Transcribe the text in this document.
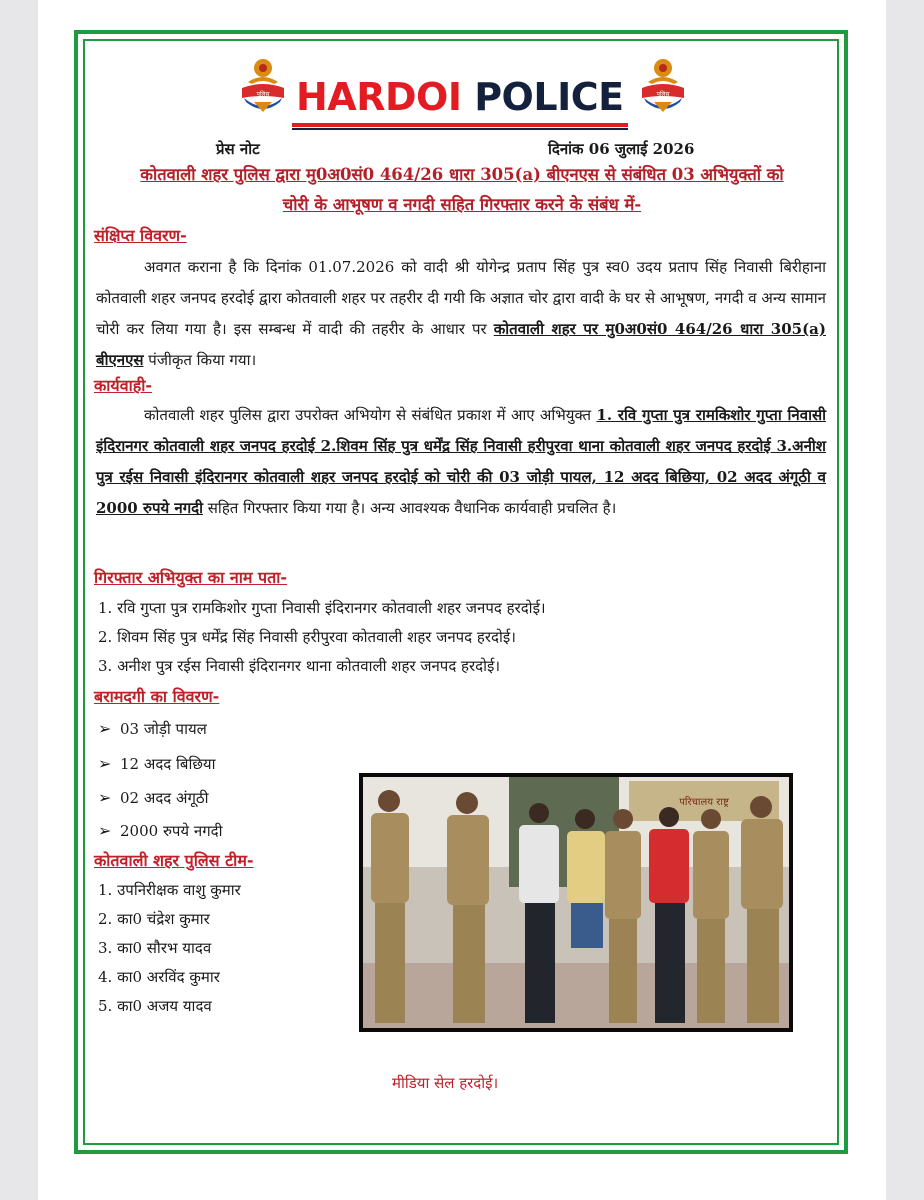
पुलिस	पुलिस
HARDOI POLICE
प्रेस नोट	दिनांक 06 जुलाई 2026
कोतवाली शहर पुलिस द्वारा मु0अ0सं0 464/26 धारा 305(a) बीएनएस से संबंधित 03 अभियुक्तों को
चोरी के आभूषण व नगदी सहित गिरफ्तार करने के संबंध में-
संक्षिप्त विवरण-
अवगत कराना है कि दिनांक 01.07.2026 को वादी श्री योगेन्द्र प्रताप सिंह पुत्र स्व0 उदय प्रताप सिंह निवासी बिरीहाना कोतवाली शहर जनपद हरदोई द्वारा कोतवाली शहर पर तहरीर दी गयी कि अज्ञात चोर द्वारा वादी के घर से आभूषण, नगदी व अन्य सामान चोरी कर लिया गया है। इस सम्बन्ध में वादी की तहरीर के आधार पर कोतवाली शहर पर मु0अ0सं0 464/26 धारा 305(a) बीएनएस पंजीकृत किया गया।
कार्यवाही-
कोतवाली शहर पुलिस द्वारा उपरोक्त अभियोग से संबंधित प्रकाश में आए अभियुक्त 1. रवि गुप्ता पुत्र रामकिशोर गुप्ता निवासी इंदिरानगर कोतवाली शहर जनपद हरदोई 2.शिवम सिंह पुत्र धर्मेंद्र सिंह निवासी हरीपुरवा थाना कोतवाली शहर जनपद हरदोई 3.अनीश पुत्र रईस निवासी इंदिरानगर कोतवाली शहर जनपद हरदोई को चोरी की 03 जोड़ी पायल, 12 अदद बिछिया, 02 अदद अंगूठी व 2000 रुपये नगदी सहित गिरफ्तार किया गया है। अन्य आवश्यक वैधानिक कार्यवाही प्रचलित है।
गिरफ्तार अभियुक्त का नाम पता-
1. रवि गुप्ता पुत्र रामकिशोर गुप्ता निवासी इंदिरानगर कोतवाली शहर जनपद हरदोई।
2. शिवम सिंह पुत्र धर्मेंद्र सिंह निवासी हरीपुरवा कोतवाली शहर जनपद हरदोई।
3. अनीश पुत्र रईस निवासी इंदिरानगर थाना कोतवाली शहर जनपद हरदोई।
बरामदगी का विवरण-
➢ 03 जोड़ी पायल
➢ 12 अदद बिछिया
➢ 02 अदद अंगूठी
➢ 2000 रुपये नगदी
कोतवाली शहर पुलिस टीम-
1. उपनिरीक्षक वाशु कुमार
2. का0 चंद्रेश कुमार
3. का0 सौरभ यादव
4. का0 अरविंद कुमार
5. का0 अजय यादव
परिचालय राष्ट्र
मीडिया सेल हरदोई।
